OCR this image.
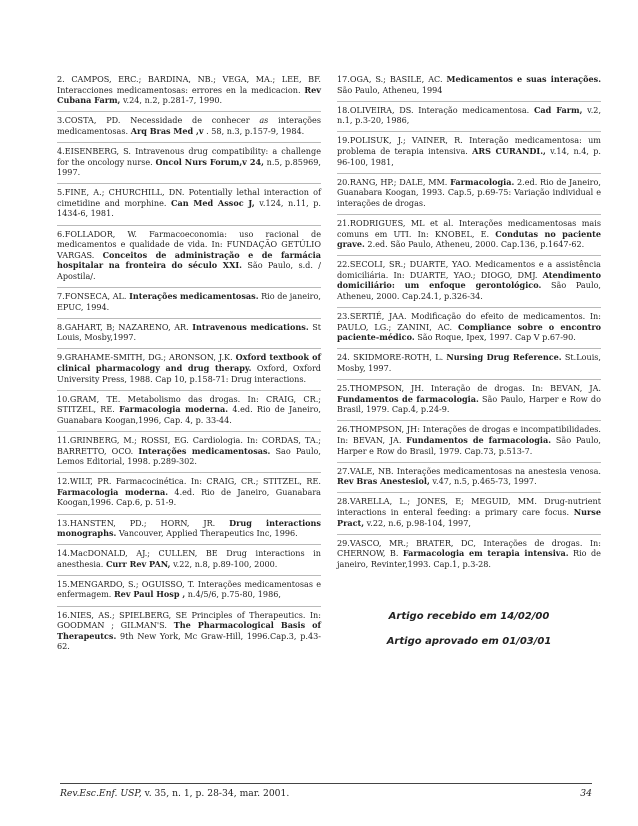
2. CAMPOS, ERC.; BARDINA, NB.; VEGA, MA.; LEE, BF. Interacciones medicamentosas: errores en la medicacion. Rev Cubana Farm, v.24, n.2, p.281-7, 1990.

3.COSTA, PD. Necessidade de conhecer as interações medicamentosas. Arq Bras Med ,v . 58, n.3, p.157-9, 1984.

4.EISENBERG, S. Intravenous drug compatibility: a challenge for the oncology nurse. Oncol Nurs Forum,v 24, n.5, p.85969, 1997.

5.FINE, A.; CHURCHILL, DN. Potentially lethal interaction of cimetidine and morphine. Can Med Assoc J, v.124, n.11, p. 1434-6, 1981.

6.FOLLADOR, W. Farmacoeconomia: uso racional de medicamentos e qualidade de vida. In: FUNDAÇÃO GETÚLIO VARGAS. Conceitos de administração e de farmácia hospitalar na fronteira do século XXI. São Paulo, s.d. / Apostila/.

7.FONSECA, AL. Interações medicamentosas. Rio de janeiro, EPUC, 1994.

8.GAHART, B; NAZARENO, AR. Intravenous medications. St Louis, Mosby,1997.

9.GRAHAME-SMITH, DG.; ARONSON, J.K. Oxford textbook of clinical pharmacology and drug therapy. Oxford, Oxford University Press, 1988. Cap 10, p.158-71: Drug interactions.

10.GRAM, TE. Metabolismo das drogas. In: CRAIG, CR.; STITZEL, RE. Farmacologia moderna. 4.ed. Rio de Janeiro, Guanabara Koogan,1996, Cap. 4, p. 33-44.

11.GRINBERG, M.; ROSSI, EG. Cardiologia. In: CORDAS, TA.; BARRETTO, OCO. Interações medicamentosas. Sao Paulo, Lemos Editorial, 1998. p.289-302.

12.WILT, PR. Farmacocinética. In: CRAIG, CR.; STITZEL, RE. Farmacologia moderna. 4.ed. Rio de Janeiro, Guanabara Koogan,1996. Cap.6, p. 51-9.

13.HANSTEN, PD.; HORN, JR. Drug interactions monographs. Vancouver, Applied Therapeutics Inc, 1996.

14.MacDONALD, AJ.; CULLEN, BE Drug interactions in anesthesia. Curr Rev PAN, v.22, n.8, p.89-100, 2000.

15.MENGARDO, S.; OGUISSO, T. Interações medicamentosas e enfermagem. Rev Paul Hosp , n.4/5/6, p.75-80, 1986,

16.NIES, AS.; SPIELBERG, SE Principles of Therapeutics. In: GOODMAN ; GILMAN'S. The Pharmacological Basis of Therapeutcs. 9th New York, Mc Graw-Hill, 1996.Cap.3, p.43-62.

17.OGA, S.; BASILE, AC. Medicamentos e suas interações. São Paulo, Atheneu, 1994

18.OLIVEIRA, DS. Interação medicamentosa. Cad Farm, v.2, n.1, p.3-20, 1986,

19.POLISUK, J.; VAINER, R. Interação medicamentosa: um problema de terapia intensiva. ARS CURANDI., v.14, n.4, p. 96-100, 1981,

20.RANG, HP.; DALE, MM. Farmacologia. 2.ed. Rio de Janeiro, Guanabara Koogan, 1993. Cap.5, p.69-75: Variação individual e interações de drogas.

21.RODRIGUES, ML et al. Interações medicamentosas mais comuns em UTI. In: KNOBEL, E. Condutas no paciente grave. 2.ed. São Paulo, Atheneu, 2000. Cap.136, p.1647-62.

22.SECOLI, SR.; DUARTE, YAO. Medicamentos e a assistência domiciliária. In: DUARTE, YAO.; DIOGO, DMJ. Atendimento domiciliário: um enfoque gerontológico. São Paulo, Atheneu, 2000. Cap.24.1, p.326-34.

23.SERTIÉ, JAA. Modificação do efeito de medicamentos. In: PAULO, LG.; ZANINI, AC. Compliance sobre o encontro paciente-médico. São Roque, Ipex, 1997. Cap V p.67-90.

24. SKIDMORE-ROTH, L. Nursing Drug Reference. St.Louis, Mosby, 1997.

25.THOMPSON, JH. Interação de drogas. In: BEVAN, JA. Fundamentos de farmacologia. São Paulo, Harper e Row do Brasil, 1979. Cap.4, p.24-9.

26.THOMPSON, JH: Interações de drogas e incompatibilidades. In: BEVAN, JA. Fundamentos de farmacologia. São Paulo, Harper e Row do Brasil, 1979. Cap.73, p.513-7.

27.VALE, NB. Interações medicamentosas na anestesia venosa. Rev Bras Anestesiol, v.47, n.5, p.465-73, 1997.

28.VARELLA, L.; JONES, E; MEGUID, MM. Drug-nutrient interactions in enteral feeding: a primary care focus. Nurse Pract, v.22, n.6, p.98-104, 1997,

29.VASCO, MR.; BRATER, DC, Interações de drogas. In: CHERNOW, B. Farmacologia em terapia intensiva. Rio de janeiro, Revinter,1993. Cap.1, p.3-28.

Artigo recebido em 14/02/00
Artigo aprovado em 01/03/01
Rev.Esc.Enf. USP, v. 35, n. 1, p. 28-34, mar. 2001.	34
